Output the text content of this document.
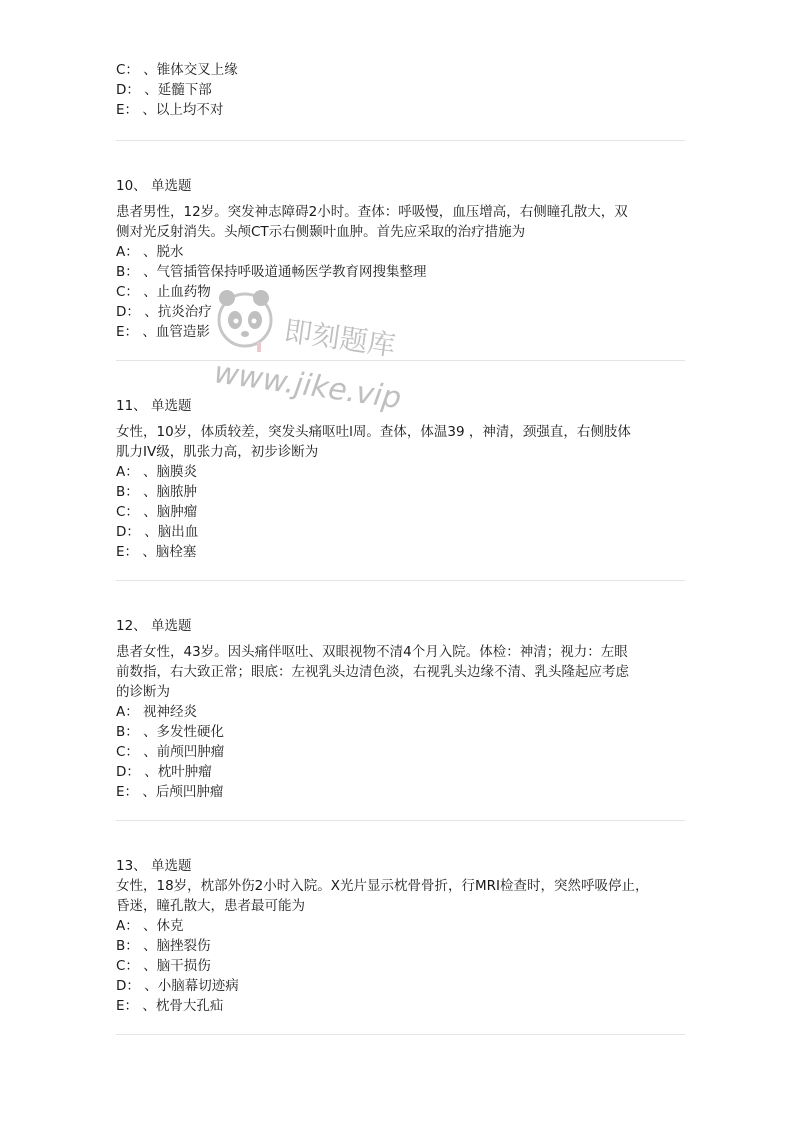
C： 、锥体交叉上缘
D： 、延髓下部
E： 、以上均不对
10、 单选题
患者男性，12岁。突发神志障碍2小时。查体：呼吸慢，血压增高，右侧瞳孔散大，双
侧对光反射消失。头颅CT示右侧颞叶血肿。首先应采取的治疗措施为
A： 、脱水
B： 、气管插管保持呼吸道通畅医学教育网搜集整理
C： 、止血药物
D： 、抗炎治疗
E： 、血管造影
11、 单选题
女性，10岁，体质较差，突发头痛呕吐l周。查体，体温39 ，神清，颈强直，右侧肢体
肌力IV级，肌张力高，初步诊断为
A： 、脑膜炎
B： 、脑脓肿
C： 、脑肿瘤
D： 、脑出血
E： 、脑栓塞
12、 单选题
患者女性，43岁。因头痛伴呕吐、双眼视物不清4个月入院。体检：神清；视力：左眼
前数指，右大致正常；眼底：左视乳头边清色淡，右视乳头边缘不清、乳头隆起应考虑
的诊断为
A： 视神经炎
B： 、多发性硬化
C： 、前颅凹肿瘤
D： 、枕叶肿瘤
E： 、后颅凹肿瘤
13、 单选题
女性，18岁，枕部外伤2小时入院。X光片显示枕骨骨折，行MRI检查时，突然呼吸停止，
昏迷，瞳孔散大，患者最可能为
A： 、休克
B： 、脑挫裂伤
C： 、脑干损伤
D： 、小脑幕切迹病
E： 、枕骨大孔疝
即刻题库
www.jike.vip
